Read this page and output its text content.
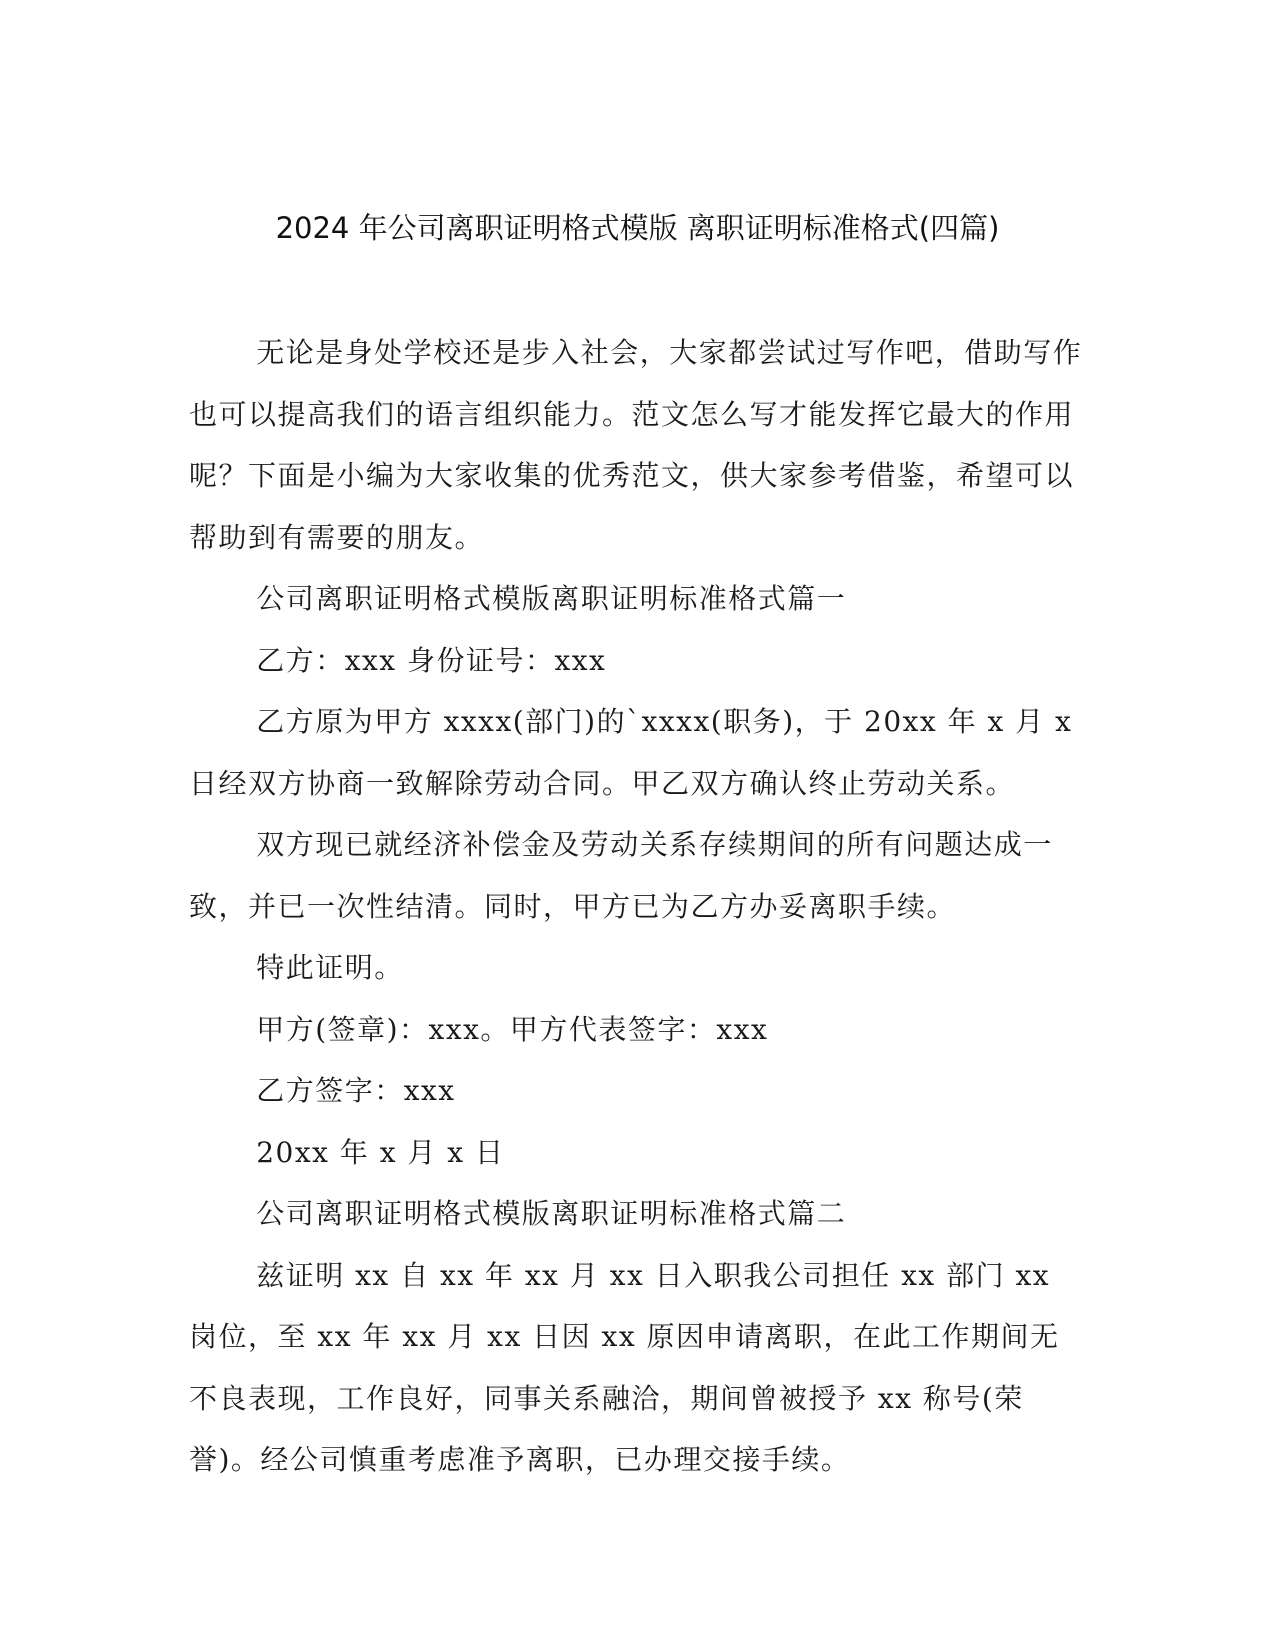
2024 年公司离职证明格式模版 离职证明标准格式(四篇)

无论是身处学校还是步入社会，大家都尝试过写作吧，借助写作也可以提高我们的语言组织能力。范文怎么写才能发挥它最大的作用呢？下面是小编为大家收集的优秀范文，供大家参考借鉴，希望可以帮助到有需要的朋友。

公司离职证明格式模版离职证明标准格式篇一

乙方：xxx 身份证号：xxx

乙方原为甲方 xxxx(部门)的`xxxx(职务)，于 20xx 年 x 月 x 日经双方协商一致解除劳动合同。甲乙双方确认终止劳动关系。

双方现已就经济补偿金及劳动关系存续期间的所有问题达成一致，并已一次性结清。同时，甲方已为乙方办妥离职手续。

特此证明。

甲方(签章)：xxx。甲方代表签字：xxx

乙方签字：xxx

20xx 年 x 月 x 日

公司离职证明格式模版离职证明标准格式篇二

兹证明 xx 自 xx 年 xx 月 xx 日入职我公司担任 xx 部门 xx 岗位，至 xx 年 xx 月 xx 日因 xx 原因申请离职，在此工作期间无不良表现，工作良好，同事关系融洽，期间曾被授予 xx 称号(荣誉)。经公司慎重考虑准予离职，已办理交接手续。
